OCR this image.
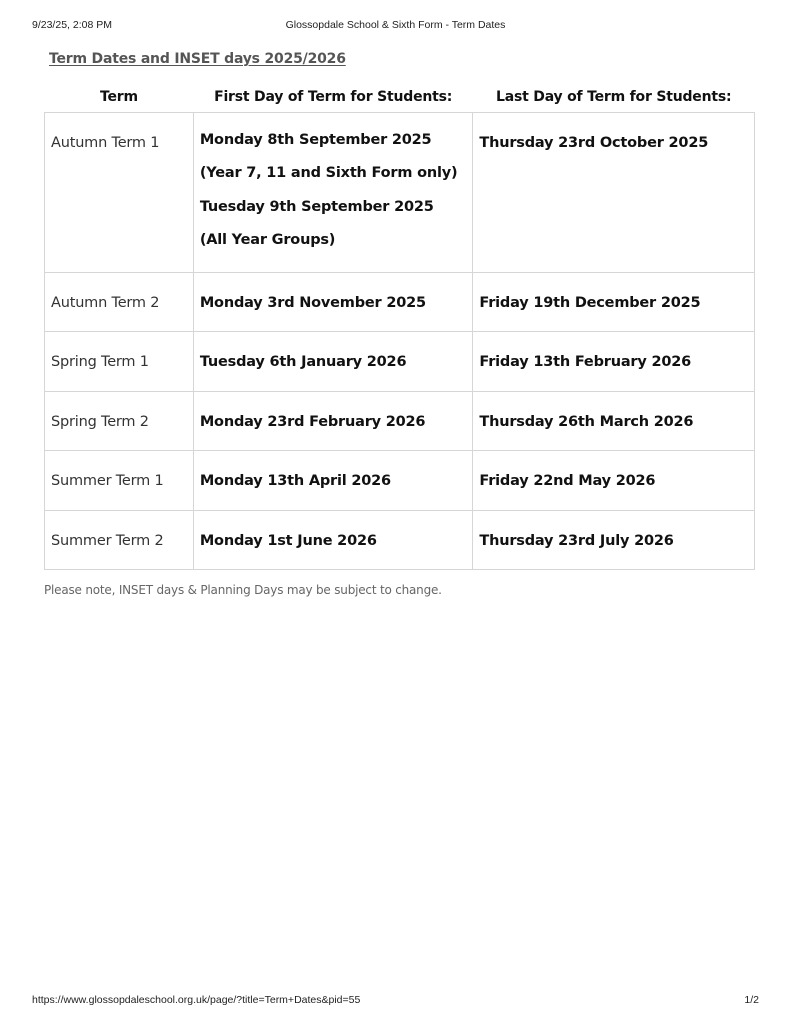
9/23/25, 2:08 PM	Glossopdale School & Sixth Form - Term Dates
Term Dates and INSET days 2025/2026
Term	First Day of Term for Students:	Last Day of Term for Students:

Autumn Term 1	Monday 8th September 2025
(Year 7, 11 and Sixth Form only)
Tuesday 9th September 2025
(All Year Groups)	Thursday 23rd October 2025

Autumn Term 2	Monday 3rd November 2025	Friday 19th December 2025

Spring Term 1	Tuesday 6th January 2026	Friday 13th February 2026

Spring Term 2	Monday 23rd February 2026	Thursday 26th March 2026

Summer Term 1	Monday 13th April 2026	Friday 22nd May 2026

Summer Term 2	Monday 1st June 2026	Thursday 23rd July 2026
Please note, INSET days & Planning Days may be subject to change.
https://www.glossopdaleschool.org.uk/page/?title=Term+Dates&pid=55	1/2
